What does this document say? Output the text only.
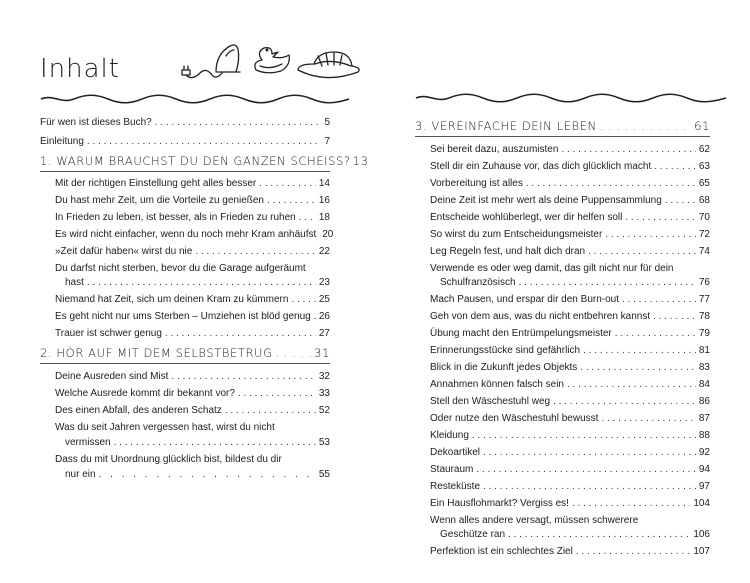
Inhalt
Für wen ist dieses Buch? . . .	5
Einleitung . . .	7
1. WARUM BRAUCHST DU DEN GANZEN SCHEISS? 13
Mit der richtigen Einstellung geht alles besser . . .	14
Du hast mehr Zeit, um die Vorteile zu genießen . . .	16
In Frieden zu leben, ist besser, als in Frieden zu ruhen . . . 18
Es wird nicht einfacher, wenn du noch mehr Kram anhäufst 20
»Zeit dafür haben« wirst du nie . . .	22
Du darfst nicht sterben, bevor du die Garage aufgeräumt
hast . . .	23
Niemand hat Zeit, sich um deinen Kram zu kümmern . . .	25
Es geht nicht nur ums Sterben – Umziehen ist blöd genug . . . 26
Trauer ist schwer genug . . .	27
2. HÖR AUF MIT DEM SELBSTBETRUG . . .	31
Deine Ausreden sind Mist . . .	32
Welche Ausrede kommt dir bekannt vor? . . .	33
Des einen Abfall, des anderen Schatz . . .	52
Was du seit Jahren vergessen hast, wirst du nicht
vermissen . . .	53
Dass du mit Unordnung glücklich bist, bildest du dir
nur ein . . .	55
3. VEREINFACHE DEIN LEBEN . . .	61
Sei bereit dazu, auszumisten . . .	62
Stell dir ein Zuhause vor, das dich glücklich macht . . .	63
Vorbereitung ist alles . . .	65
Deine Zeit ist mehr wert als deine Puppensammlung . . .	68
Entscheide wohlüberlegt, wer dir helfen soll . . .	70
So wirst du zum Entscheidungsmeister . . .	72
Leg Regeln fest, und halt dich dran . . .	74
Verwende es oder weg damit, das gilt nicht nur für dein
Schulfranzösisch . . .	76
Mach Pausen, und erspar dir den Burn-out . . .	77
Geh von dem aus, was du nicht entbehren kannst . . .	78
Übung macht den Entrümpelungsmeister . . .	79
Erinnerungsstücke sind gefährlich . . .	81
Blick in die Zukunft jedes Objekts . . .	83
Annahmen können falsch sein . . .	84
Stell den Wäschestuhl weg . . .	86
Oder nutze den Wäschestuhl bewusst . . .	87
Kleidung . . .	88
Dekoartikel . . .	92
Stauraum . . .	94
Resteküste . . .	97
Ein Hausflohmarkt? Vergiss es! . . .	104
Wenn alles andere versagt, müssen schwerere
Geschütze ran . . .	106
Perfektion ist ein schlechtes Ziel . . .	107
